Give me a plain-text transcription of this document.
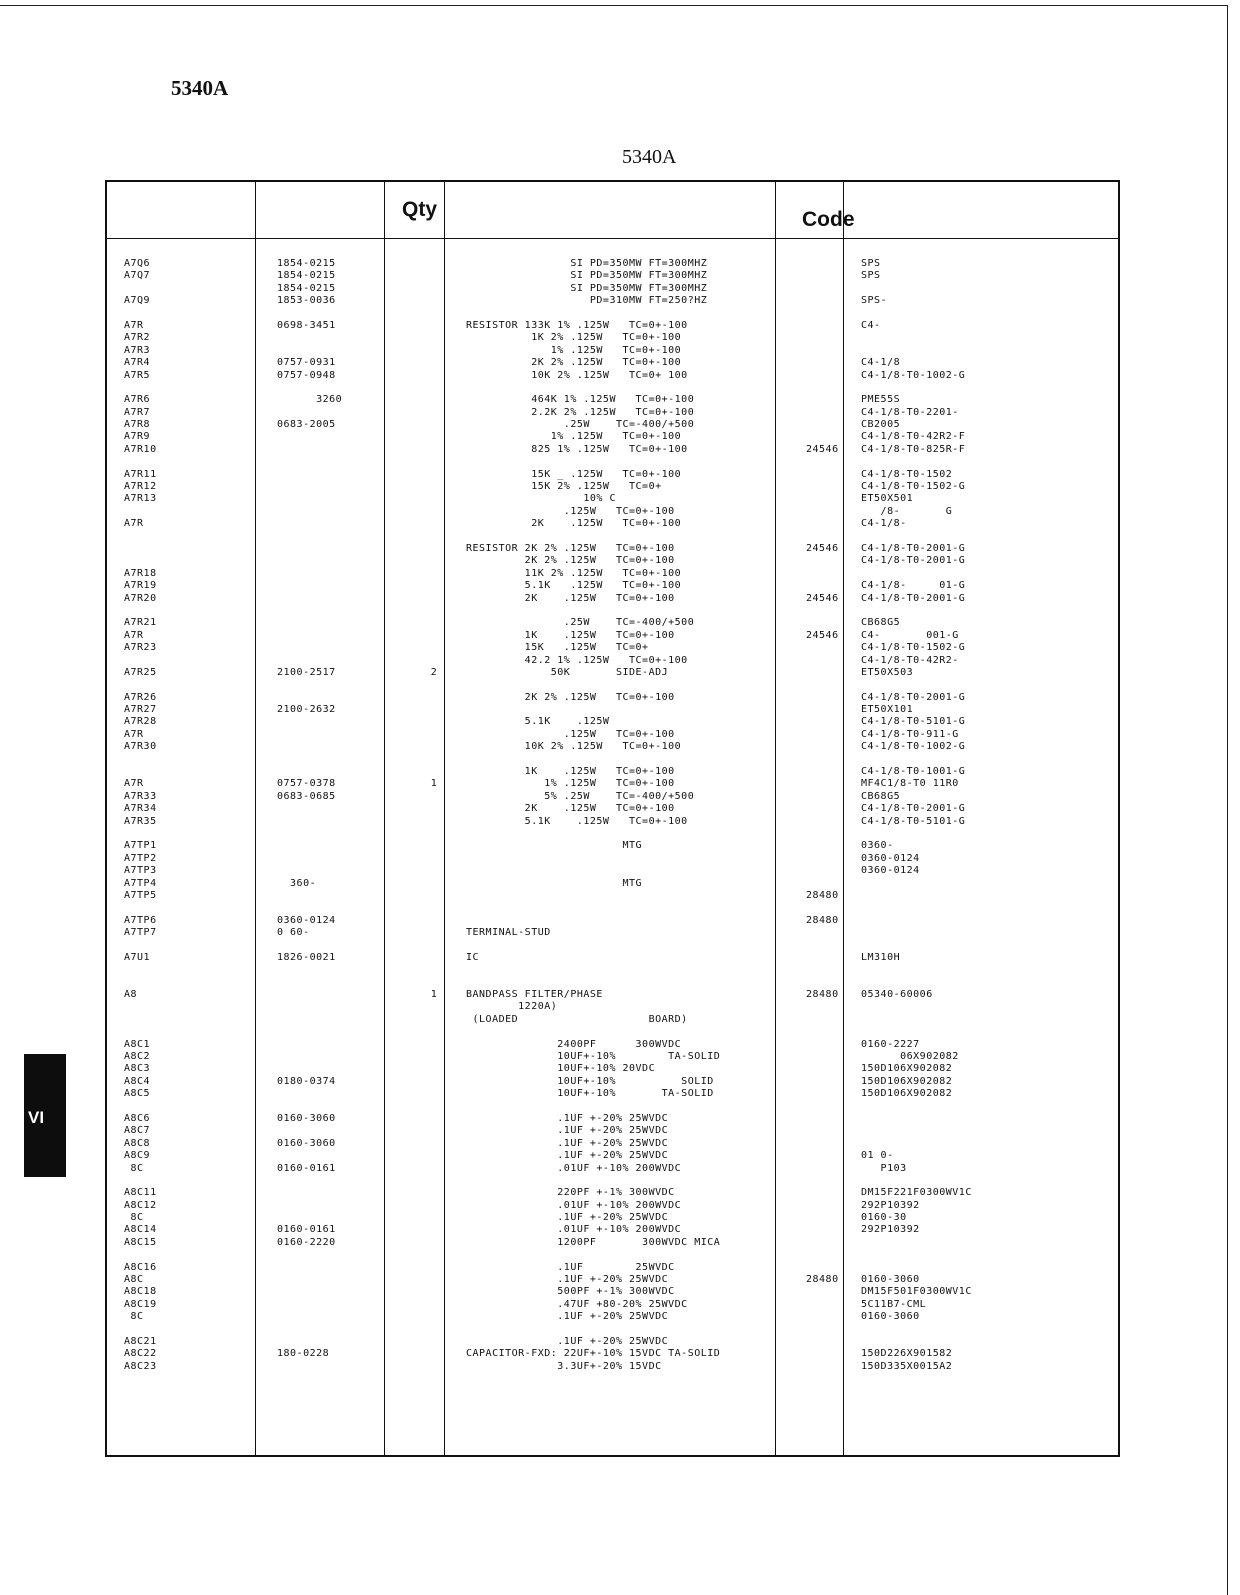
5340A
5340A
Qty	Code
A7Q6
A7Q7
A7Q9
A7R
A7R2
A7R3
A7R4
A7R5
A7R6
A7R7
A7R8
A7R9
A7R10
A7R11
A7R12
A7R13
A7R
A7R18
A7R19
A7R20
A7R21
A7R
A7R23
A7R25
A7R26
A7R27
A7R28
A7R
A7R30
A7R
A7R33
A7R34
A7R35
A7TP1
A7TP2
A7TP3
A7TP4
A7TP5
A7TP6
A7TP7
A7U1
A8
A8C1
A8C2
A8C3
A8C4
A8C5
A8C6
A8C7
A8C8
A8C9
8C
A8C11
A8C12
8C
A8C14
A8C15
A8C16
A8C
A8C18
A8C19
8C
A8C21
A8C22
A8C23
1854-0215
1854-0215
1854-0215
1853-0036
0698-3451
0757-0931
0757-0948
3260
0683-2005
2100-2517
2100-2632
0757-0378
0683-0685
360-
0360-0124
0 60-
1826-0021
0180-0374
0160-3060
0160-3060
0160-0161
0160-0161
0160-2220
180-0228
2
1
1
SI PD=350MW FT=300MHZ
SI PD=350MW FT=300MHZ
SI PD=350MW FT=300MHZ
PD=310MW FT=250?HZ
RESISTOR 133K 1% .125W   TC=0+-100
1K 2% .125W   TC=0+-100
1% .125W   TC=0+-100
2K 2% .125W   TC=0+-100
10K 2% .125W   TC=0+ 100
464K 1% .125W   TC=0+-100
2.2K 2% .125W   TC=0+-100
.25W    TC=-400/+500
1% .125W   TC=0+-100
825 1% .125W   TC=0+-100
15K _ .125W   TC=0+-100
15K 2% .125W   TC=0+
10% C
.125W   TC=0+-100
2K    .125W   TC=0+-100
RESISTOR 2K 2% .125W   TC=0+-100
2K 2% .125W   TC=0+-100
11K 2% .125W   TC=0+-100
5.1K   .125W   TC=0+-100
2K    .125W   TC=0+-100
.25W    TC=-400/+500
1K    .125W   TC=0+-100
15K   .125W   TC=0+
42.2 1% .125W   TC=0+-100
50K       SIDE-ADJ
2K 2% .125W   TC=0+-100
5.1K    .125W
.125W   TC=0+-100
10K 2% .125W   TC=0+-100
1K    .125W   TC=0+-100
1% .125W   TC=0+-100
5% .25W    TC=-400/+500
2K    .125W   TC=0+-100
5.1K    .125W   TC=0+-100
MTG
MTG
TERMINAL-STUD
IC
BANDPASS FILTER/PHASE
1220A)
(LOADED                    BOARD)
2400PF      300WVDC
10UF+-10%        TA-SOLID
10UF+-10% 20VDC
10UF+-10%          SOLID
10UF+-10%       TA-SOLID
.1UF +-20% 25WVDC
.1UF +-20% 25WVDC
.1UF +-20% 25WVDC
.1UF +-20% 25WVDC
.01UF +-10% 200WVDC
220PF +-1% 300WVDC
.01UF +-10% 200WVDC
.1UF +-20% 25WVDC
.01UF +-10% 200WVDC
1200PF       300WVDC MICA
.1UF        25WVDC
.1UF +-20% 25WVDC
500PF +-1% 300WVDC
.47UF +80-20% 25WVDC
.1UF +-20% 25WVDC
.1UF +-20% 25WVDC
CAPACITOR-FXD: 22UF+-10% 15VDC TA-SOLID
3.3UF+-20% 15VDC
24546
24546
24546
24546
28480
28480
28480
28480
SPS
SPS
SPS-
C4-
C4-1/8
C4-1/8-T0-1002-G
PME55S
C4-1/8-T0-2201-
CB2005
C4-1/8-T0-42R2-F
C4-1/8-T0-825R-F
C4-1/8-T0-1502
C4-1/8-T0-1502-G
ET50X501
/8-       G
C4-1/8-
C4-1/8-T0-2001-G
C4-1/8-T0-2001-G
C4-1/8-     01-G
C4-1/8-T0-2001-G
CB68G5
C4-       001-G
C4-1/8-T0-1502-G
C4-1/8-T0-42R2-
ET50X503
C4-1/8-T0-2001-G
ET50X101
C4-1/8-T0-5101-G
C4-1/8-T0-911-G
C4-1/8-T0-1002-G
C4-1/8-T0-1001-G
MF4C1/8-T0 11R0
CB68G5
C4-1/8-T0-2001-G
C4-1/8-T0-5101-G
0360-
0360-0124
0360-0124
LM310H
05340-60006
0160-2227
06X902082
150D106X902082
150D106X902082
150D106X902082
01 0-
P103
DM15F221F0300WV1C
292P10392
0160-30
292P10392
0160-3060
DM15F501F0300WV1C
5C11B7-CML
0160-3060
150D226X901582
150D335X0015A2
VI
